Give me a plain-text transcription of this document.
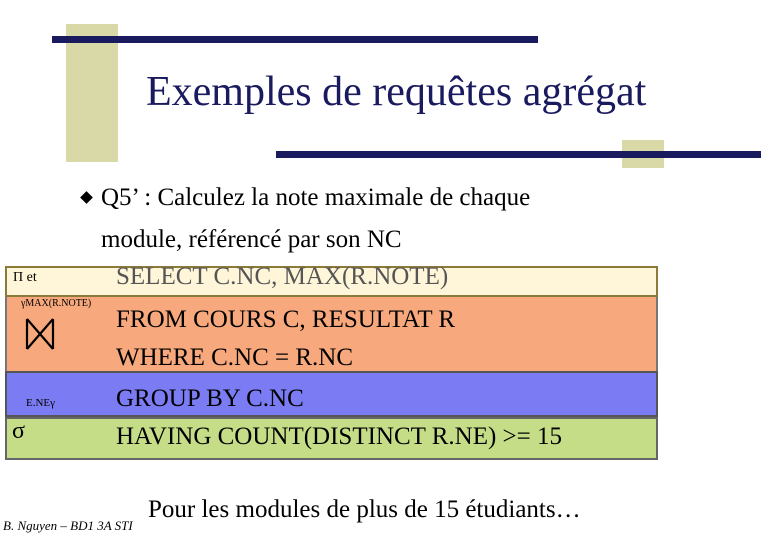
Exemples de requêtes agrégat
Q5’ : Calculez la note maximale de chaque
module, référencé par son NC
SELECT C.NC, MAX(R.NOTE)
FROM COURS C, RESULTAT R
WHERE C.NC = R.NC
GROUP BY C.NC
HAVING COUNT(DISTINCT R.NE) >= 15
Π et
γMAX(R.NOTE)
E.NEγ
σ
Pour les modules de plus de 15 étudiants…
B. Nguyen – BD1 3A STI
